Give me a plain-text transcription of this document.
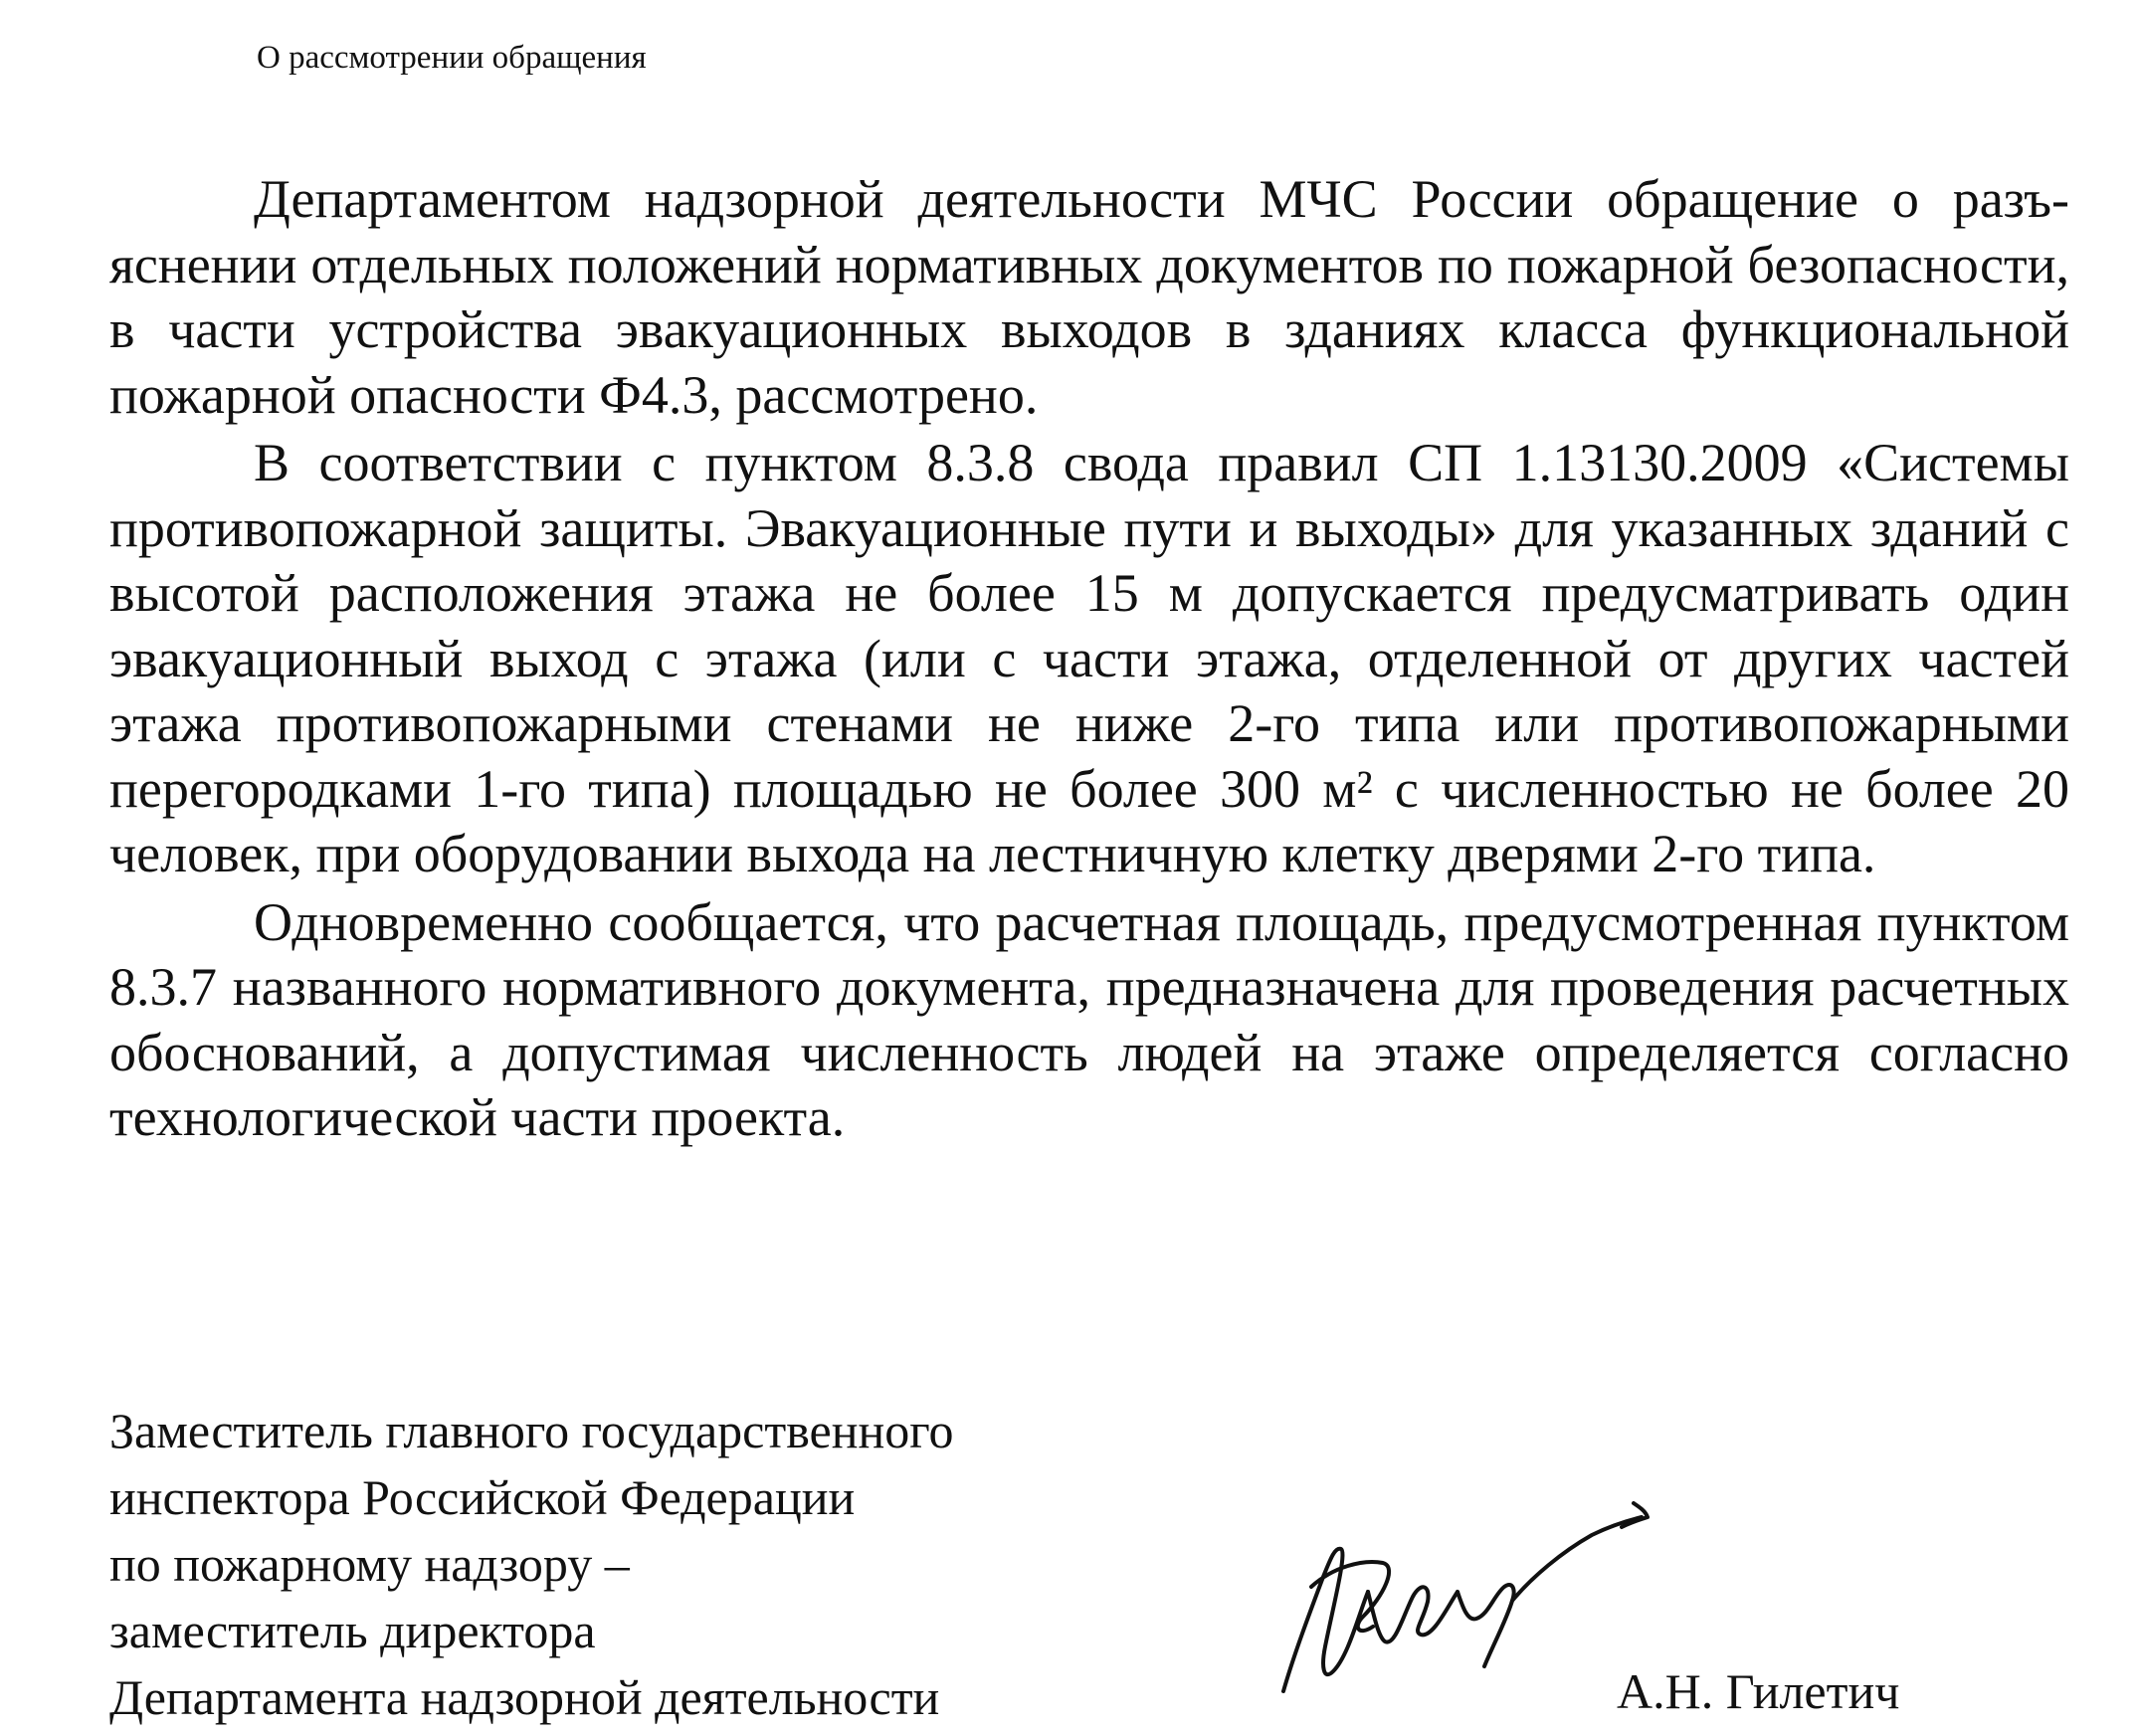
О рассмотрении обращения

Департаментом надзорной деятельности МЧС России обращение о разъяснении отдельных положений нормативных документов по пожарной безопасности, в части устройства эвакуационных выходов в зданиях класса функциональной пожарной опасности Ф4.3, рассмотрено.

В соответствии с пунктом 8.3.8 свода правил СП 1.13130.2009 «Системы противопожарной защиты. Эвакуационные пути и выходы» для указанных зданий с высотой расположения этажа не более 15 м допускается предусматривать один эвакуационный выход с этажа (или с части этажа, отделенной от других частей этажа противопожарными стенами не ниже 2-го типа или противопожарными перегородками 1-го типа) площадью не более 300 м² с численностью не более 20 человек, при оборудовании выхода на лестничную клетку дверями 2-го типа.

Одновременно сообщается, что расчетная площадь, предусмотренная пунктом 8.3.7 названного нормативного документа, предназначена для проведения расчетных обоснований, а допустимая численность людей на этаже определяется согласно технологической части проекта.

Заместитель главного государственного
инспектора Российской Федерации
по пожарному надзору –
заместитель директора
Департамента надзорной деятельности	А.Н. Гилетич
